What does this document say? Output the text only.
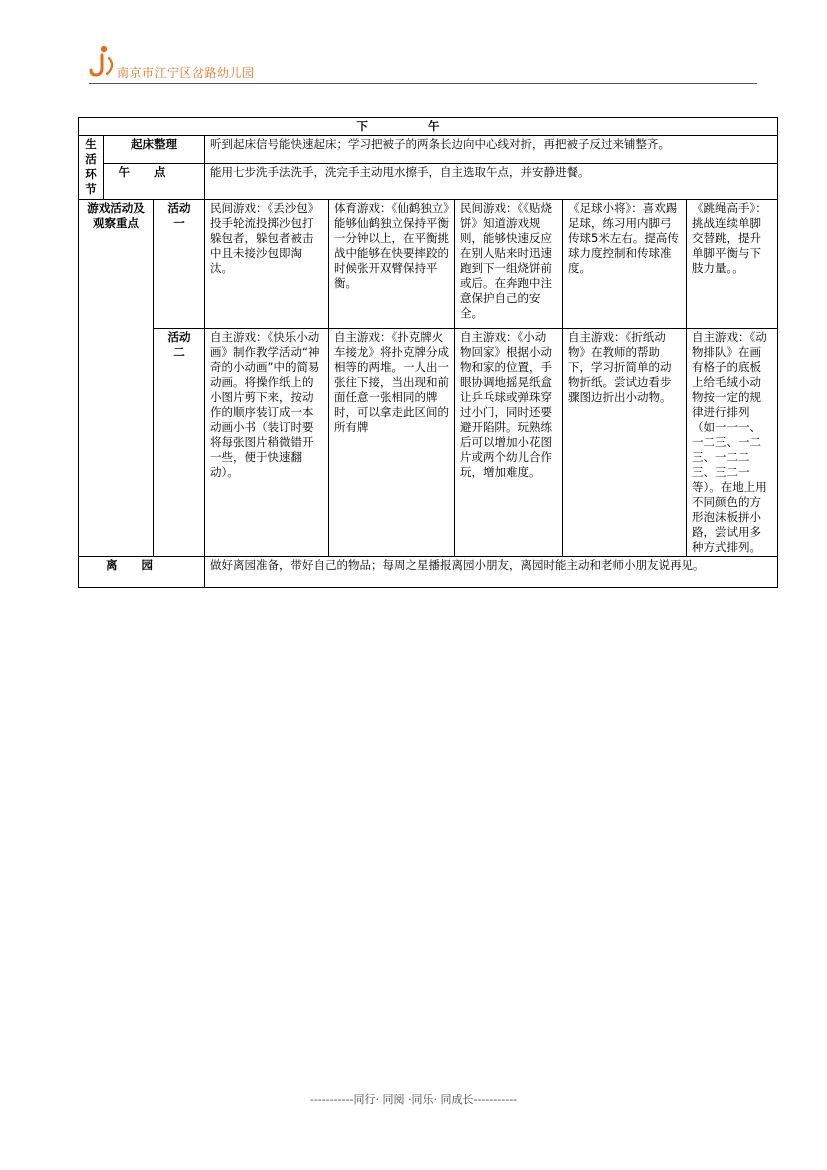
南京市江宁区岔路幼儿园
下午							
生活环节	起床整理		听到起床信号能快速起床；学习把被子的两条长边向中心线对折，再把被子反过来铺整齐。				
	午点		能用七步洗手法洗手，洗完手主动甩水擦手，自主选取午点，并安静进餐。				
游戏活动及观察重点		活动一	民间游戏：《丢沙包》投手轮流投掷沙包打躲包者，躲包者被击中且未接沙包即淘汰。	体育游戏：《仙鹤独立》能够仙鹤独立保持平衡一分钟以上，在平衡挑战中能够在快要摔跤的时候张开双臂保持平衡。	民间游戏：《《贴烧饼》知道游戏规则，能够快速反应在别人贴来时迅速跑到下一组烧饼前或后。在奔跑中注意保护自己的安全。	《足球小将》：喜欢踢足球，练习用内脚弓传球5米左右。提高传球力度控制和传球准度。	《跳绳高手》：挑战连续单脚交替跳，提升单脚平衡与下肢力量。。
		活动二	自主游戏：《快乐小动画》制作教学活动“神奇的小动画”中的简易动画。将操作纸上的小图片剪下来，按动作的顺序装订成一本动画小书（装订时要将每张图片稍微错开一些，便于快速翻动）。	自主游戏：《扑克牌火车接龙》将扑克牌分成相等的两堆。一人出一张往下接，当出现和前面任意一张相同的牌时，可以拿走此区间的所有牌	自主游戏：《小动物回家》根据小动物和家的位置，手眼协调地摇晃纸盒让乒乓球或弹珠穿过小门，同时还要避开陷阱。玩熟练后可以增加小花图片或两个幼儿合作玩，增加难度。	自主游戏：《折纸动物》在教师的帮助下，学习折简单的动物折纸。尝试边看步骤图边折出小动物。	自主游戏：《动物排队》在画有格子的底板上给毛绒小动物按一定的规律进行排列（如一一一、一二三、一二三、一二二三、三二一等）。在地上用不同颜色的方形泡沫板拼小路，尝试用多种方式排列。
离园			做好离园准备，带好自己的物品；每周之星播报离园小朋友，离园时能主动和老师小朋友说再见。				
-----------同行· 同阅 ·同乐· 同成长-----------
